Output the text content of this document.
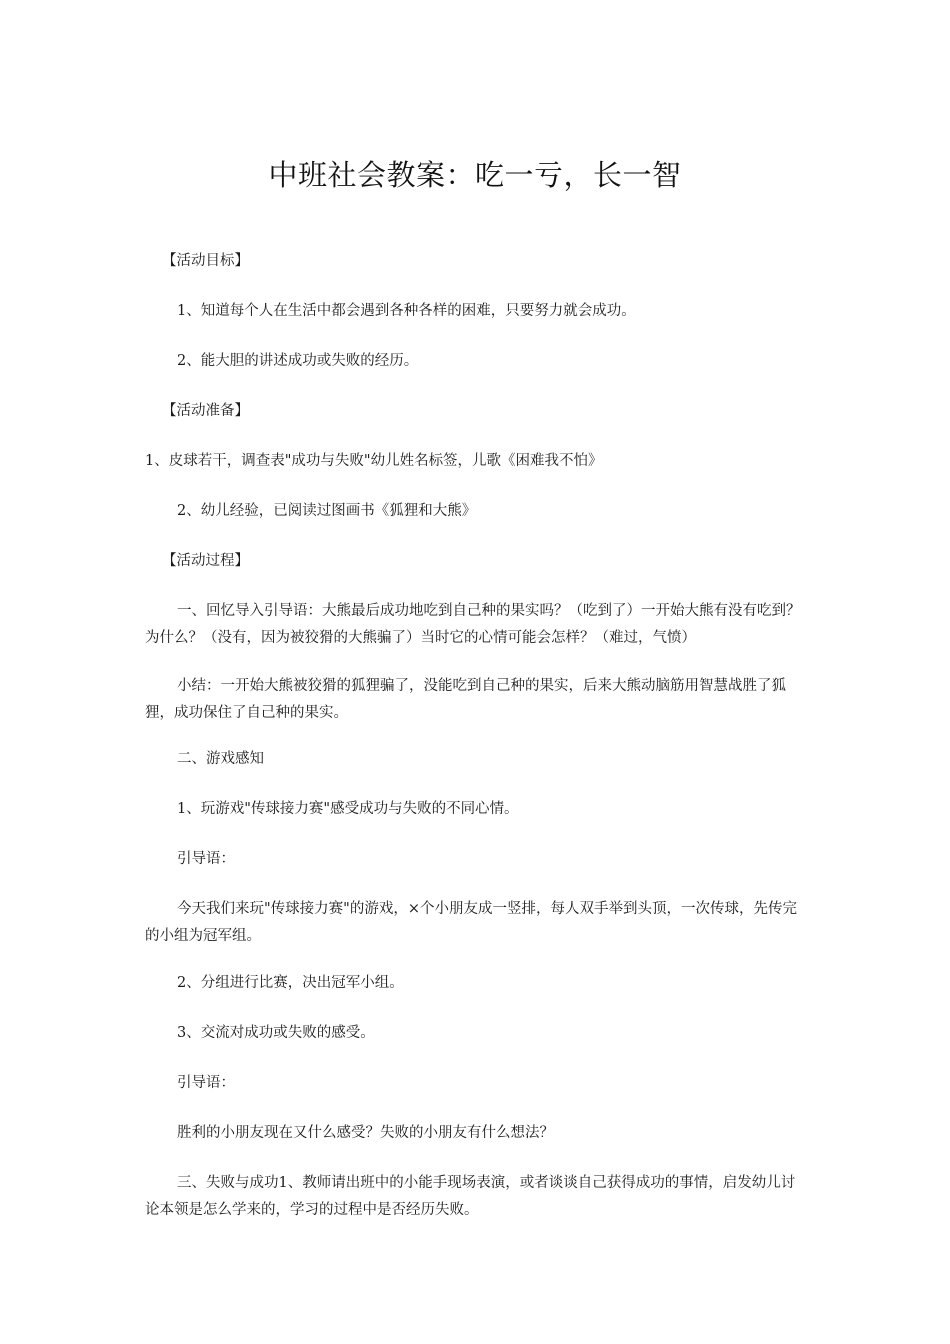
中班社会教案：吃一亏，长一智

【活动目标】

1、知道每个人在生活中都会遇到各种各样的困难，只要努力就会成功。

2、能大胆的讲述成功或失败的经历。

【活动准备】

1、皮球若干，调查表"成功与失败"幼儿姓名标签，儿歌《困难我不怕》

2、幼儿经验，已阅读过图画书《狐狸和大熊》

【活动过程】

一、回忆导入引导语：大熊最后成功地吃到自己种的果实吗？（吃到了）一开始大熊有没有吃到？为什么？（没有，因为被狡猾的大熊骗了）当时它的心情可能会怎样？（难过，气愤）

小结：一开始大熊被狡猾的狐狸骗了，没能吃到自己种的果实，后来大熊动脑筋用智慧战胜了狐狸，成功保住了自己种的果实。

二、游戏感知

1、玩游戏"传球接力赛"感受成功与失败的不同心情。

引导语：

今天我们来玩"传球接力赛"的游戏，×个小朋友成一竖排，每人双手举到头顶，一次传球，先传完的小组为冠军组。

2、分组进行比赛，决出冠军小组。

3、交流对成功或失败的感受。

引导语：

胜利的小朋友现在又什么感受？失败的小朋友有什么想法？

三、失败与成功1、教师请出班中的小能手现场表演，或者谈谈自己获得成功的事情，启发幼儿讨论本领是怎么学来的，学习的过程中是否经历失败。
